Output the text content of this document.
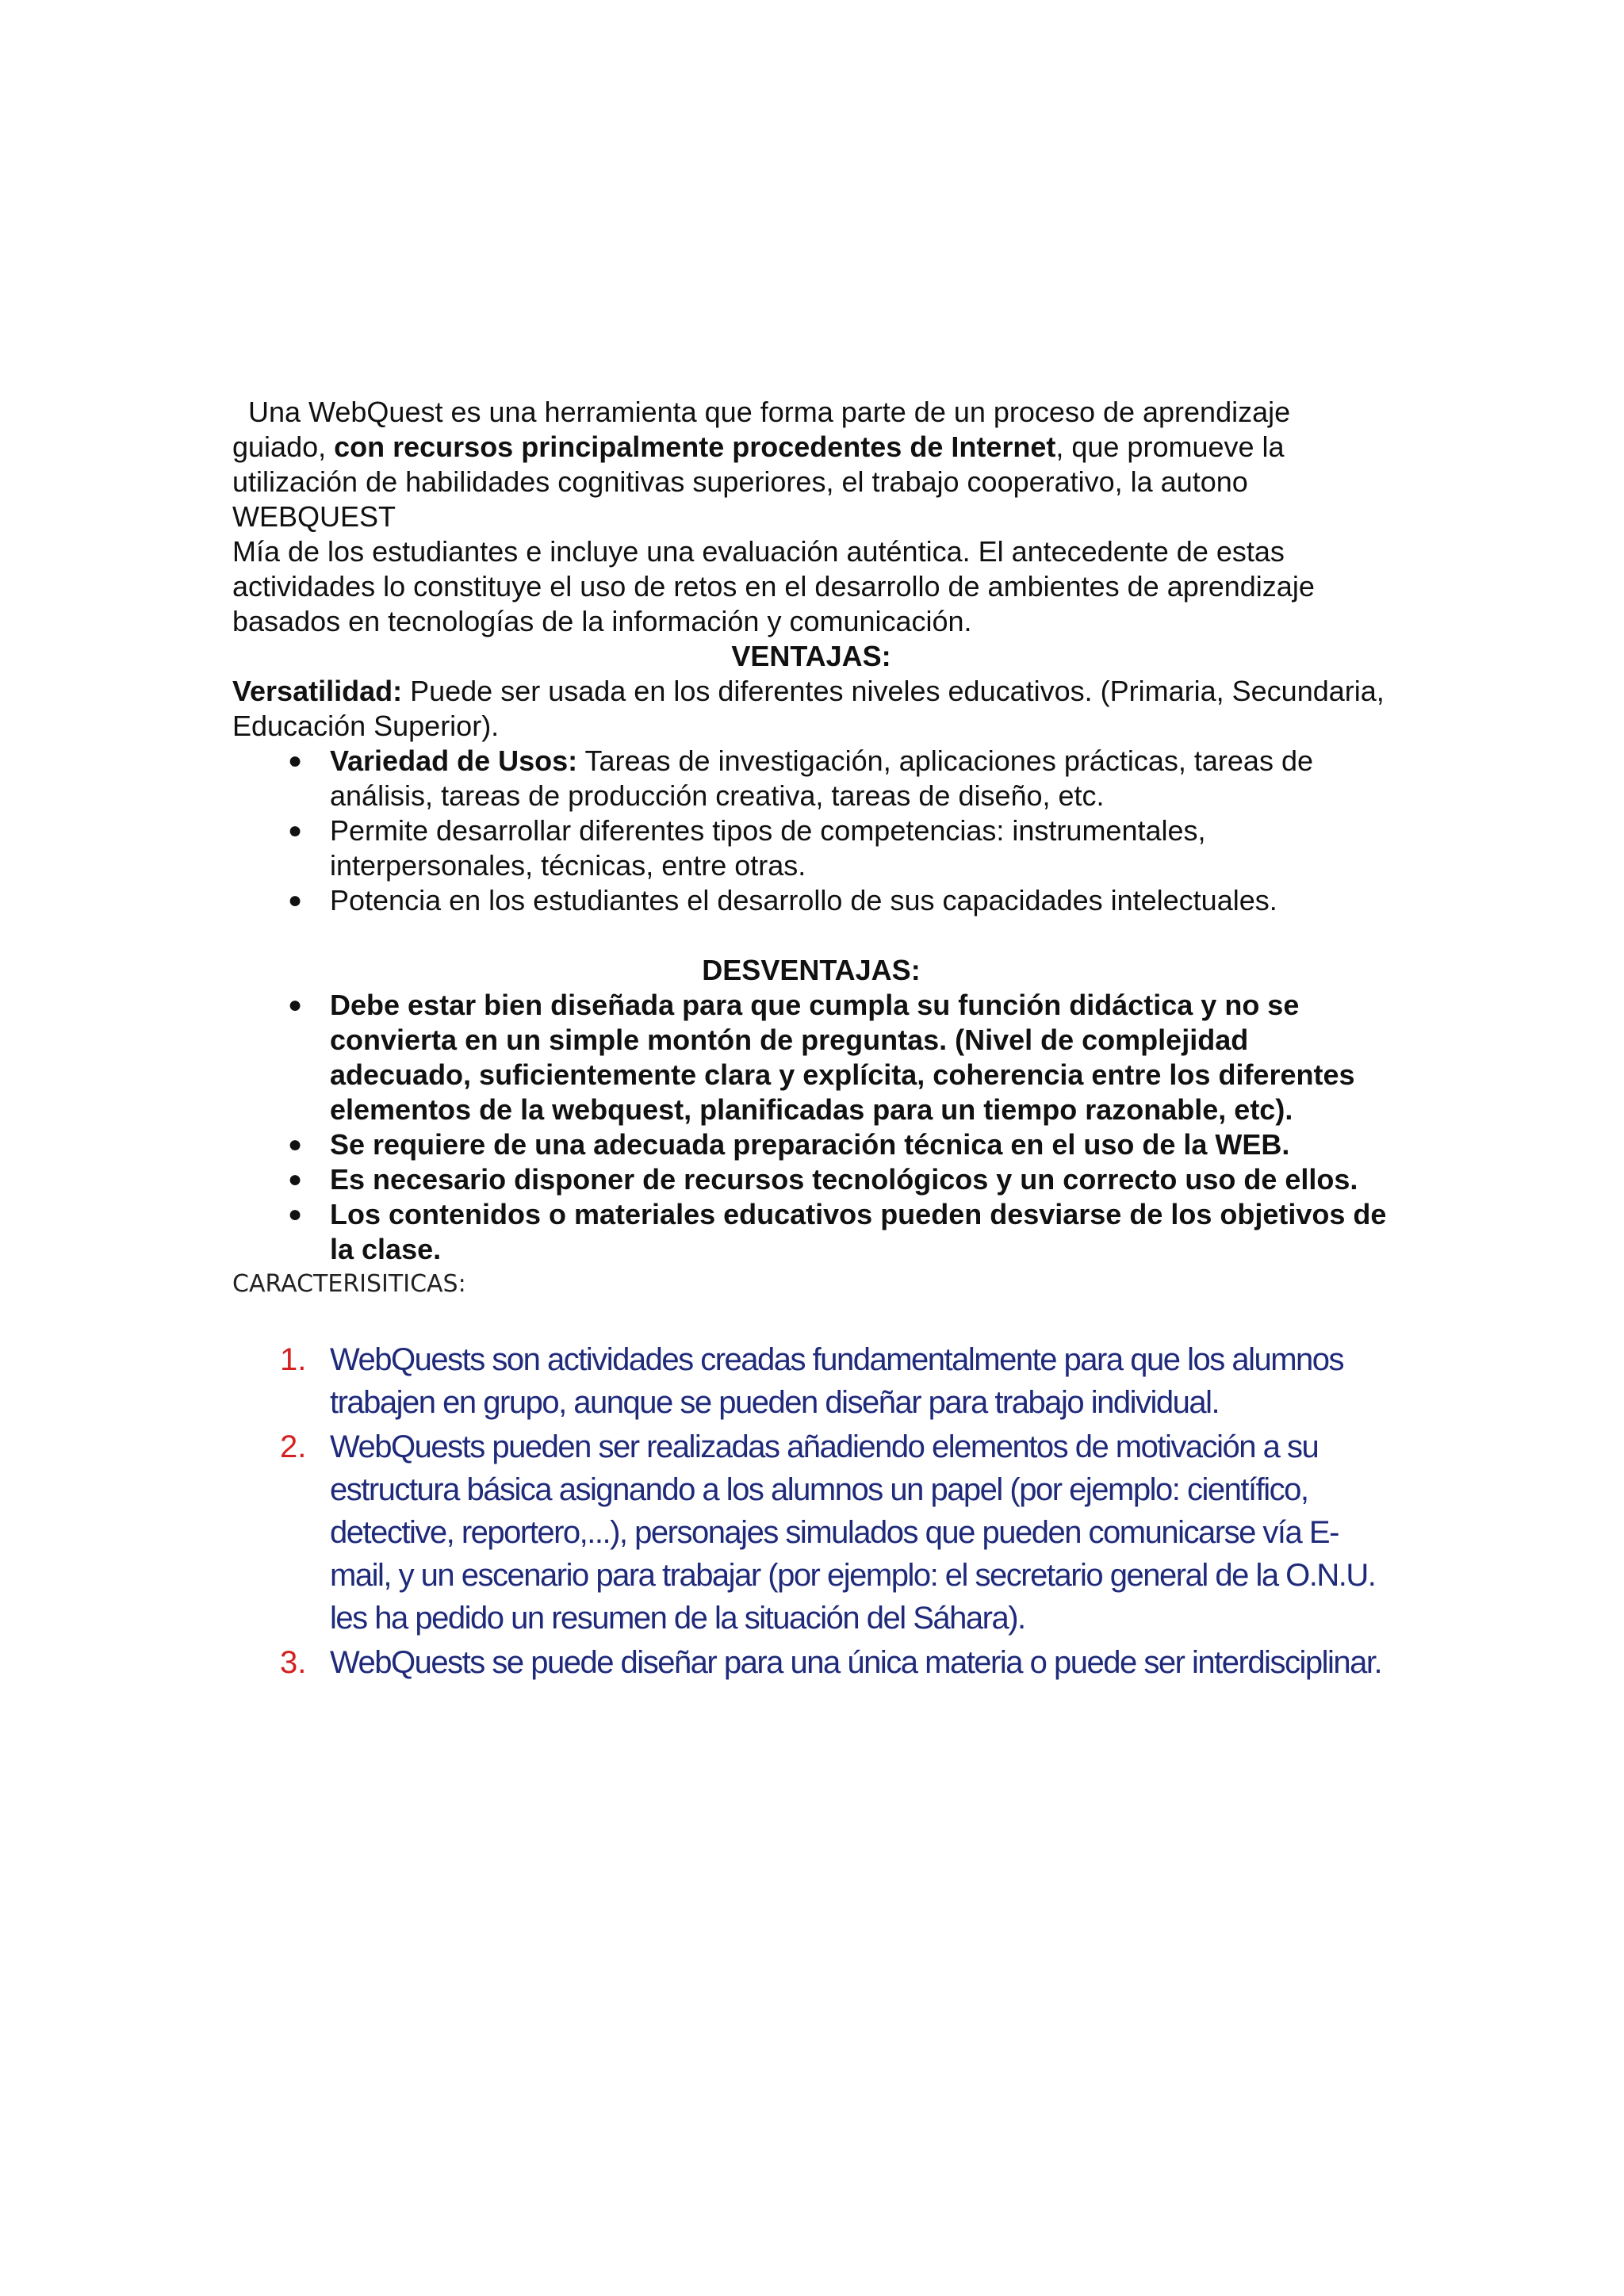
Una WebQuest es una herramienta que forma parte de un proceso de aprendizaje guiado, con recursos principalmente procedentes de Internet, que promueve la utilización de habilidades cognitivas superiores, el trabajo cooperativo, la autono

WEBQUEST

Mía de los estudiantes e incluye una evaluación auténtica. El antecedente de estas actividades lo constituye el uso de retos en el desarrollo de ambientes de aprendizaje basados en tecnologías de la información y comunicación.

VENTAJAS:

Versatilidad: Puede ser usada en los diferentes niveles educativos. (Primaria, Secundaria, Educación Superior).

● Variedad de Usos: Tareas de investigación, aplicaciones prácticas, tareas de análisis, tareas de producción creativa, tareas de diseño, etc.
● Permite desarrollar diferentes tipos de competencias: instrumentales, interpersonales, técnicas, entre otras.
● Potencia en los estudiantes el desarrollo de sus capacidades intelectuales.

DESVENTAJAS:

● Debe estar bien diseñada para que cumpla su función didáctica y no se convierta en un simple montón de preguntas. (Nivel de complejidad adecuado, suficientemente clara y explícita, coherencia entre los diferentes elementos de la webquest, planificadas para un tiempo razonable, etc).
● Se requiere de una adecuada preparación técnica en el uso de la WEB.
● Es necesario disponer de recursos tecnológicos y un correcto uso de ellos.
● Los contenidos o materiales educativos pueden desviarse de los objetivos de la clase.

CARACTERISITICAS:

1. WebQuests son actividades creadas fundamentalmente para que los alumnos trabajen en grupo, aunque se pueden diseñar para trabajo individual.
2. WebQuests pueden ser realizadas añadiendo elementos de motivación a su estructura básica asignando a los alumnos un papel (por ejemplo: científico, detective, reportero,...), personajes simulados que pueden comunicarse vía E-mail, y un escenario para trabajar (por ejemplo: el secretario general de la O.N.U. les ha pedido un resumen de la situación del Sáhara).
3. WebQuests se puede diseñar para una única materia o puede ser interdisciplinar.
